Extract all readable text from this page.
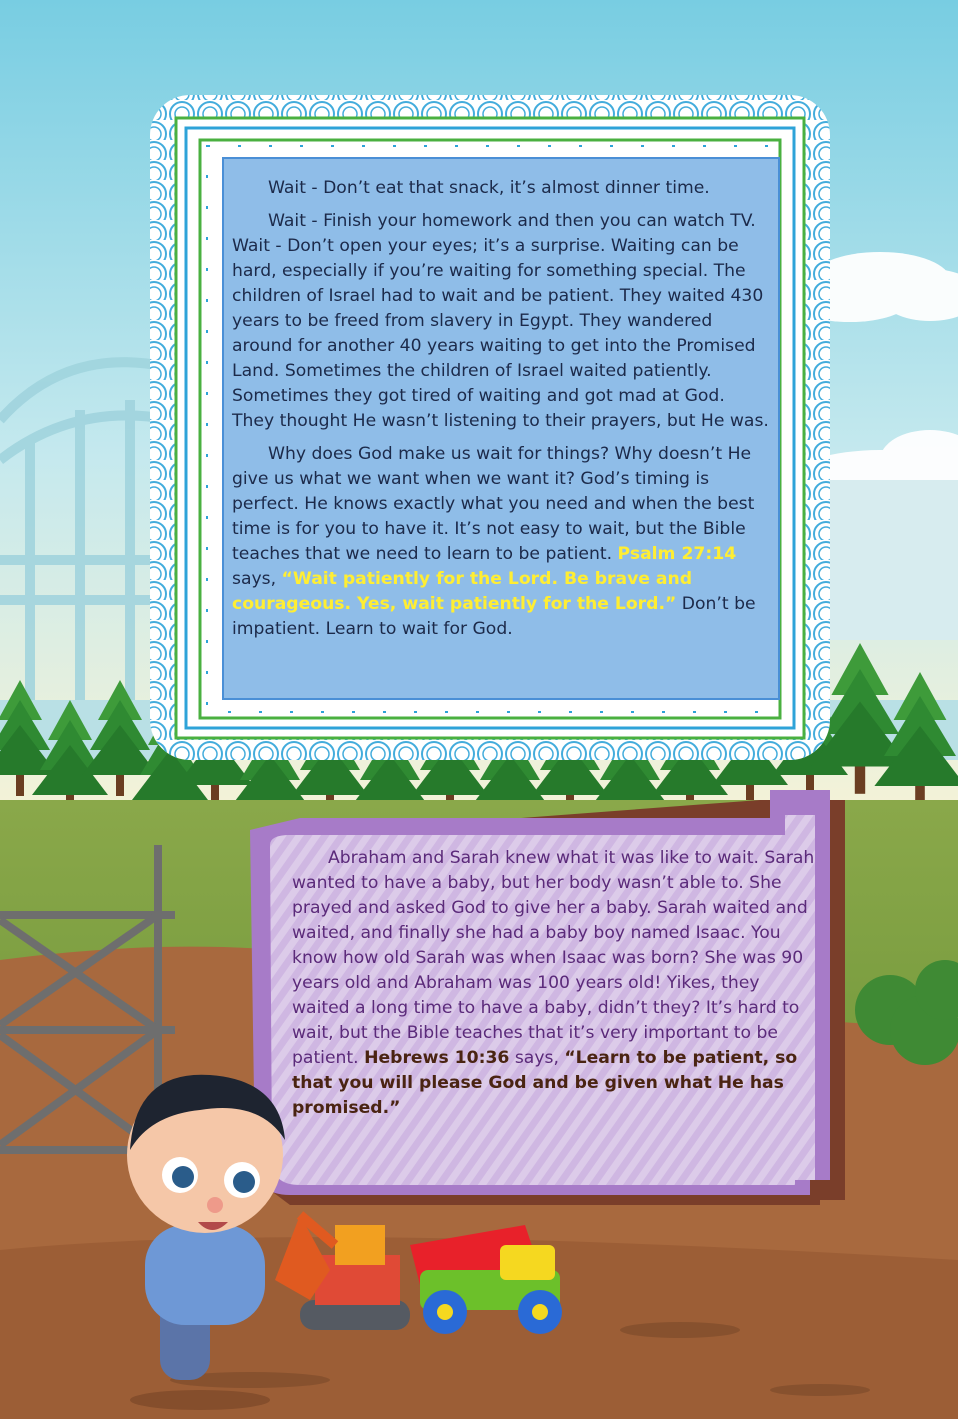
Wait - Don’t eat that snack, it’s almost dinner time.

Wait - Finish your homework and then you can watch TV. Wait - Don’t open your eyes; it’s a surprise. Waiting can be hard, especially if you’re waiting for something special. The children of Israel had to wait and be patient. They waited 430 years to be freed from slavery in Egypt. They wandered around for another 40 years waiting to get into the Promised Land. Sometimes the children of Israel waited patiently. Sometimes they got tired of waiting and got mad at God. They thought He wasn’t listening to their prayers, but He was.

Why does God make us wait for things? Why doesn’t He give us what we want when we want it? God’s timing is perfect. He knows exactly what you need and when the best time is for you to have it. It’s not easy to wait, but the Bible teaches that we need to learn to be patient. Psalm 27:14 says, “Wait patiently for the Lord. Be brave and courageous. Yes, wait patiently for the Lord.” Don’t be impatient. Learn to wait for God.

Abraham and Sarah knew what it was like to wait. Sarah wanted to have a baby, but her body wasn’t able to. She prayed and asked God to give her a baby. Sarah waited and waited, and finally she had a baby boy named Isaac. You know how old Sarah was when Isaac was born? She was 90 years old and Abraham was 100 years old! Yikes, they waited a long time to have a baby, didn’t they? It’s hard to wait, but the Bible teaches that it’s very important to be patient. Hebrews 10:36 says, “Learn to be patient, so that you will please God and be given what He has promised.”
